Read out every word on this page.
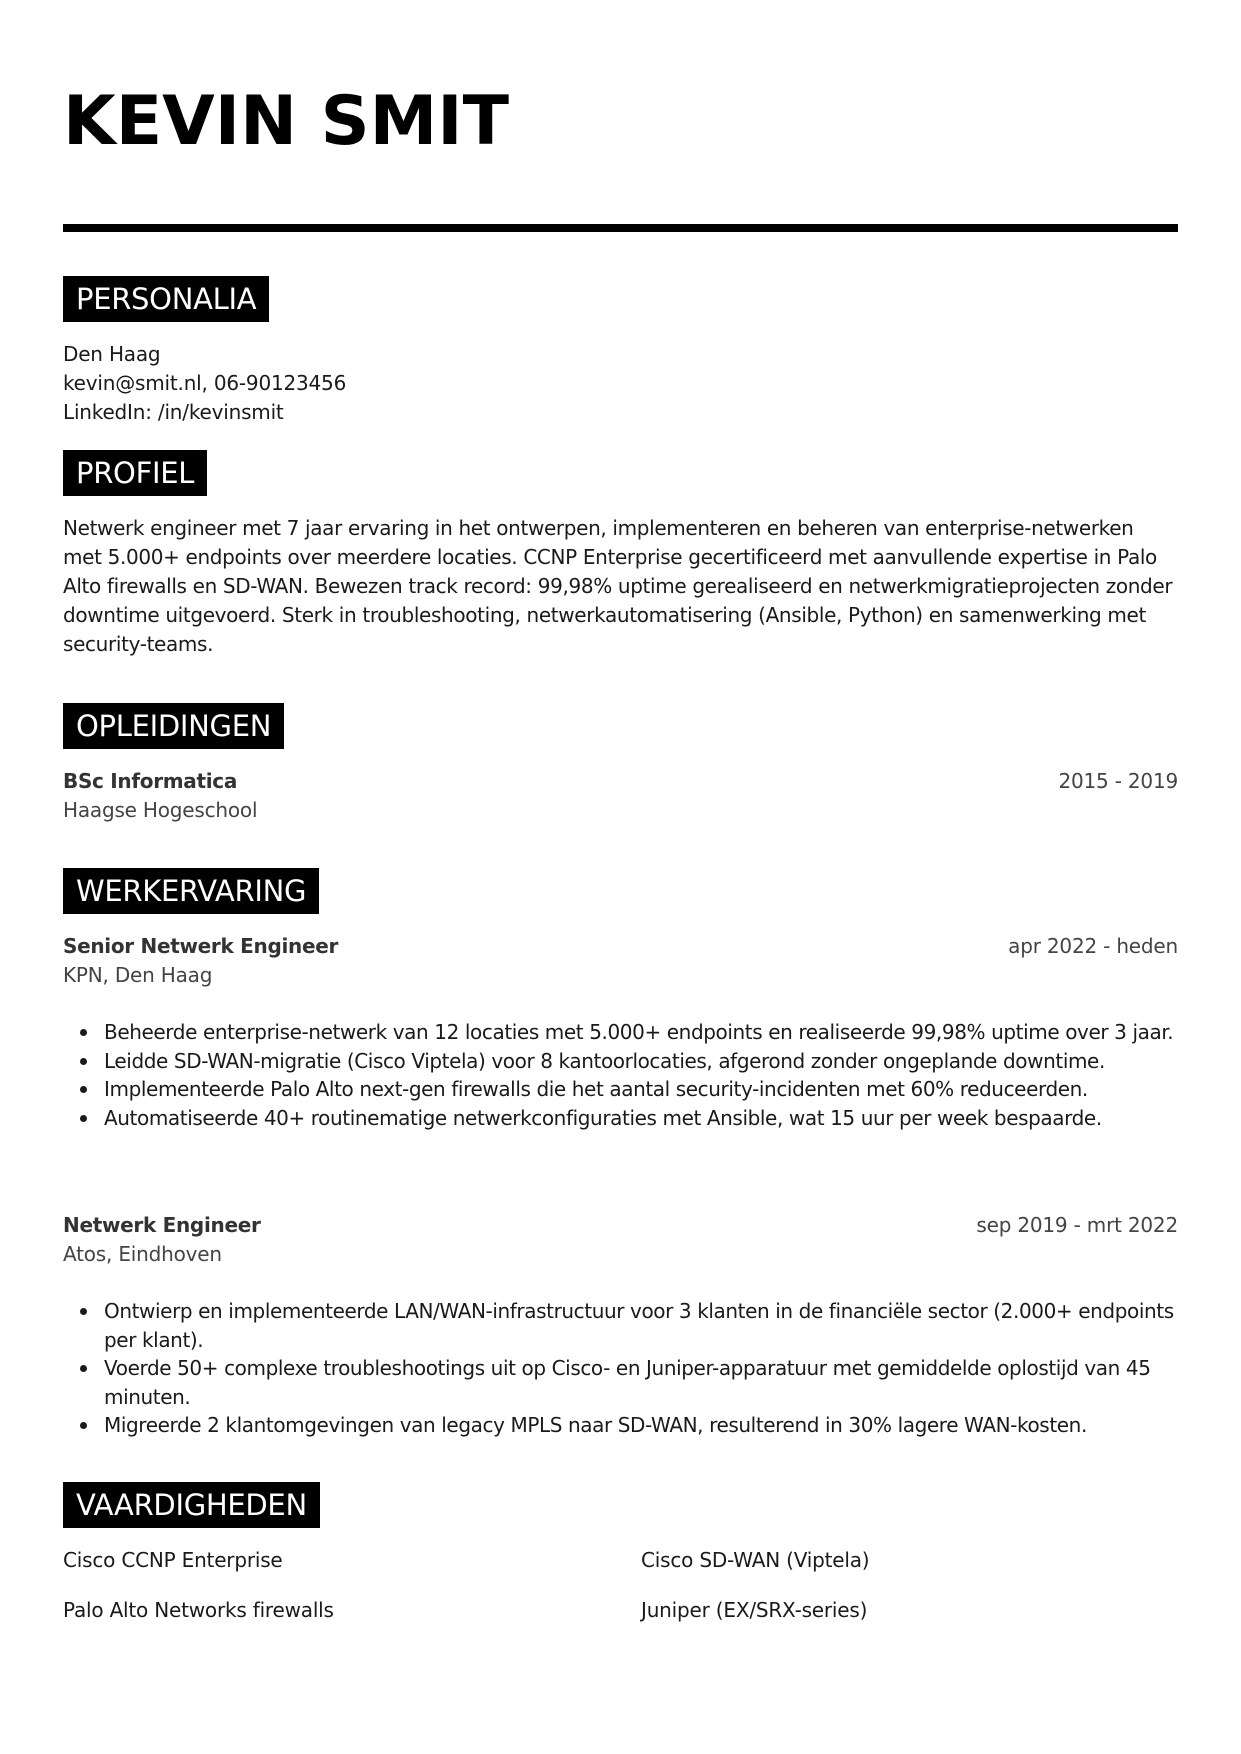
KEVIN SMIT
PERSONALIA
Den Haag
kevin@smit.nl, 06-90123456
LinkedIn: /in/kevinsmit
PROFIEL
Netwerk engineer met 7 jaar ervaring in het ontwerpen, implementeren en beheren van enterprise-netwerken met 5.000+ endpoints over meerdere locaties. CCNP Enterprise gecertificeerd met aanvullende expertise in Palo Alto firewalls en SD-WAN. Bewezen track record: 99,98% uptime gerealiseerd en netwerkmigratieprojecten zonder downtime uitgevoerd. Sterk in troubleshooting, netwerkautomatisering (Ansible, Python) en samenwerking met security-teams.
OPLEIDINGEN
BSc Informatica	2015 - 2019
Haagse Hogeschool
WERKERVARING
Senior Netwerk Engineer	apr 2022 - heden
KPN, Den Haag
Beheerde enterprise-netwerk van 12 locaties met 5.000+ endpoints en realiseerde 99,98% uptime over 3 jaar.
Leidde SD-WAN-migratie (Cisco Viptela) voor 8 kantoorlocaties, afgerond zonder ongeplande downtime.
Implementeerde Palo Alto next-gen firewalls die het aantal security-incidenten met 60% reduceerden.
Automatiseerde 40+ routinematige netwerkconfiguraties met Ansible, wat 15 uur per week bespaarde.
Netwerk Engineer	sep 2019 - mrt 2022
Atos, Eindhoven
Ontwierp en implementeerde LAN/WAN-infrastructuur voor 3 klanten in de financiële sector (2.000+ endpoints per klant).
Voerde 50+ complexe troubleshootings uit op Cisco- en Juniper-apparatuur met gemiddelde oplostijd van 45 minuten.
Migreerde 2 klantomgevingen van legacy MPLS naar SD-WAN, resulterend in 30% lagere WAN-kosten.
VAARDIGHEDEN
Cisco CCNP Enterprise	Cisco SD-WAN (Viptela)
Palo Alto Networks firewalls	Juniper (EX/SRX-series)
